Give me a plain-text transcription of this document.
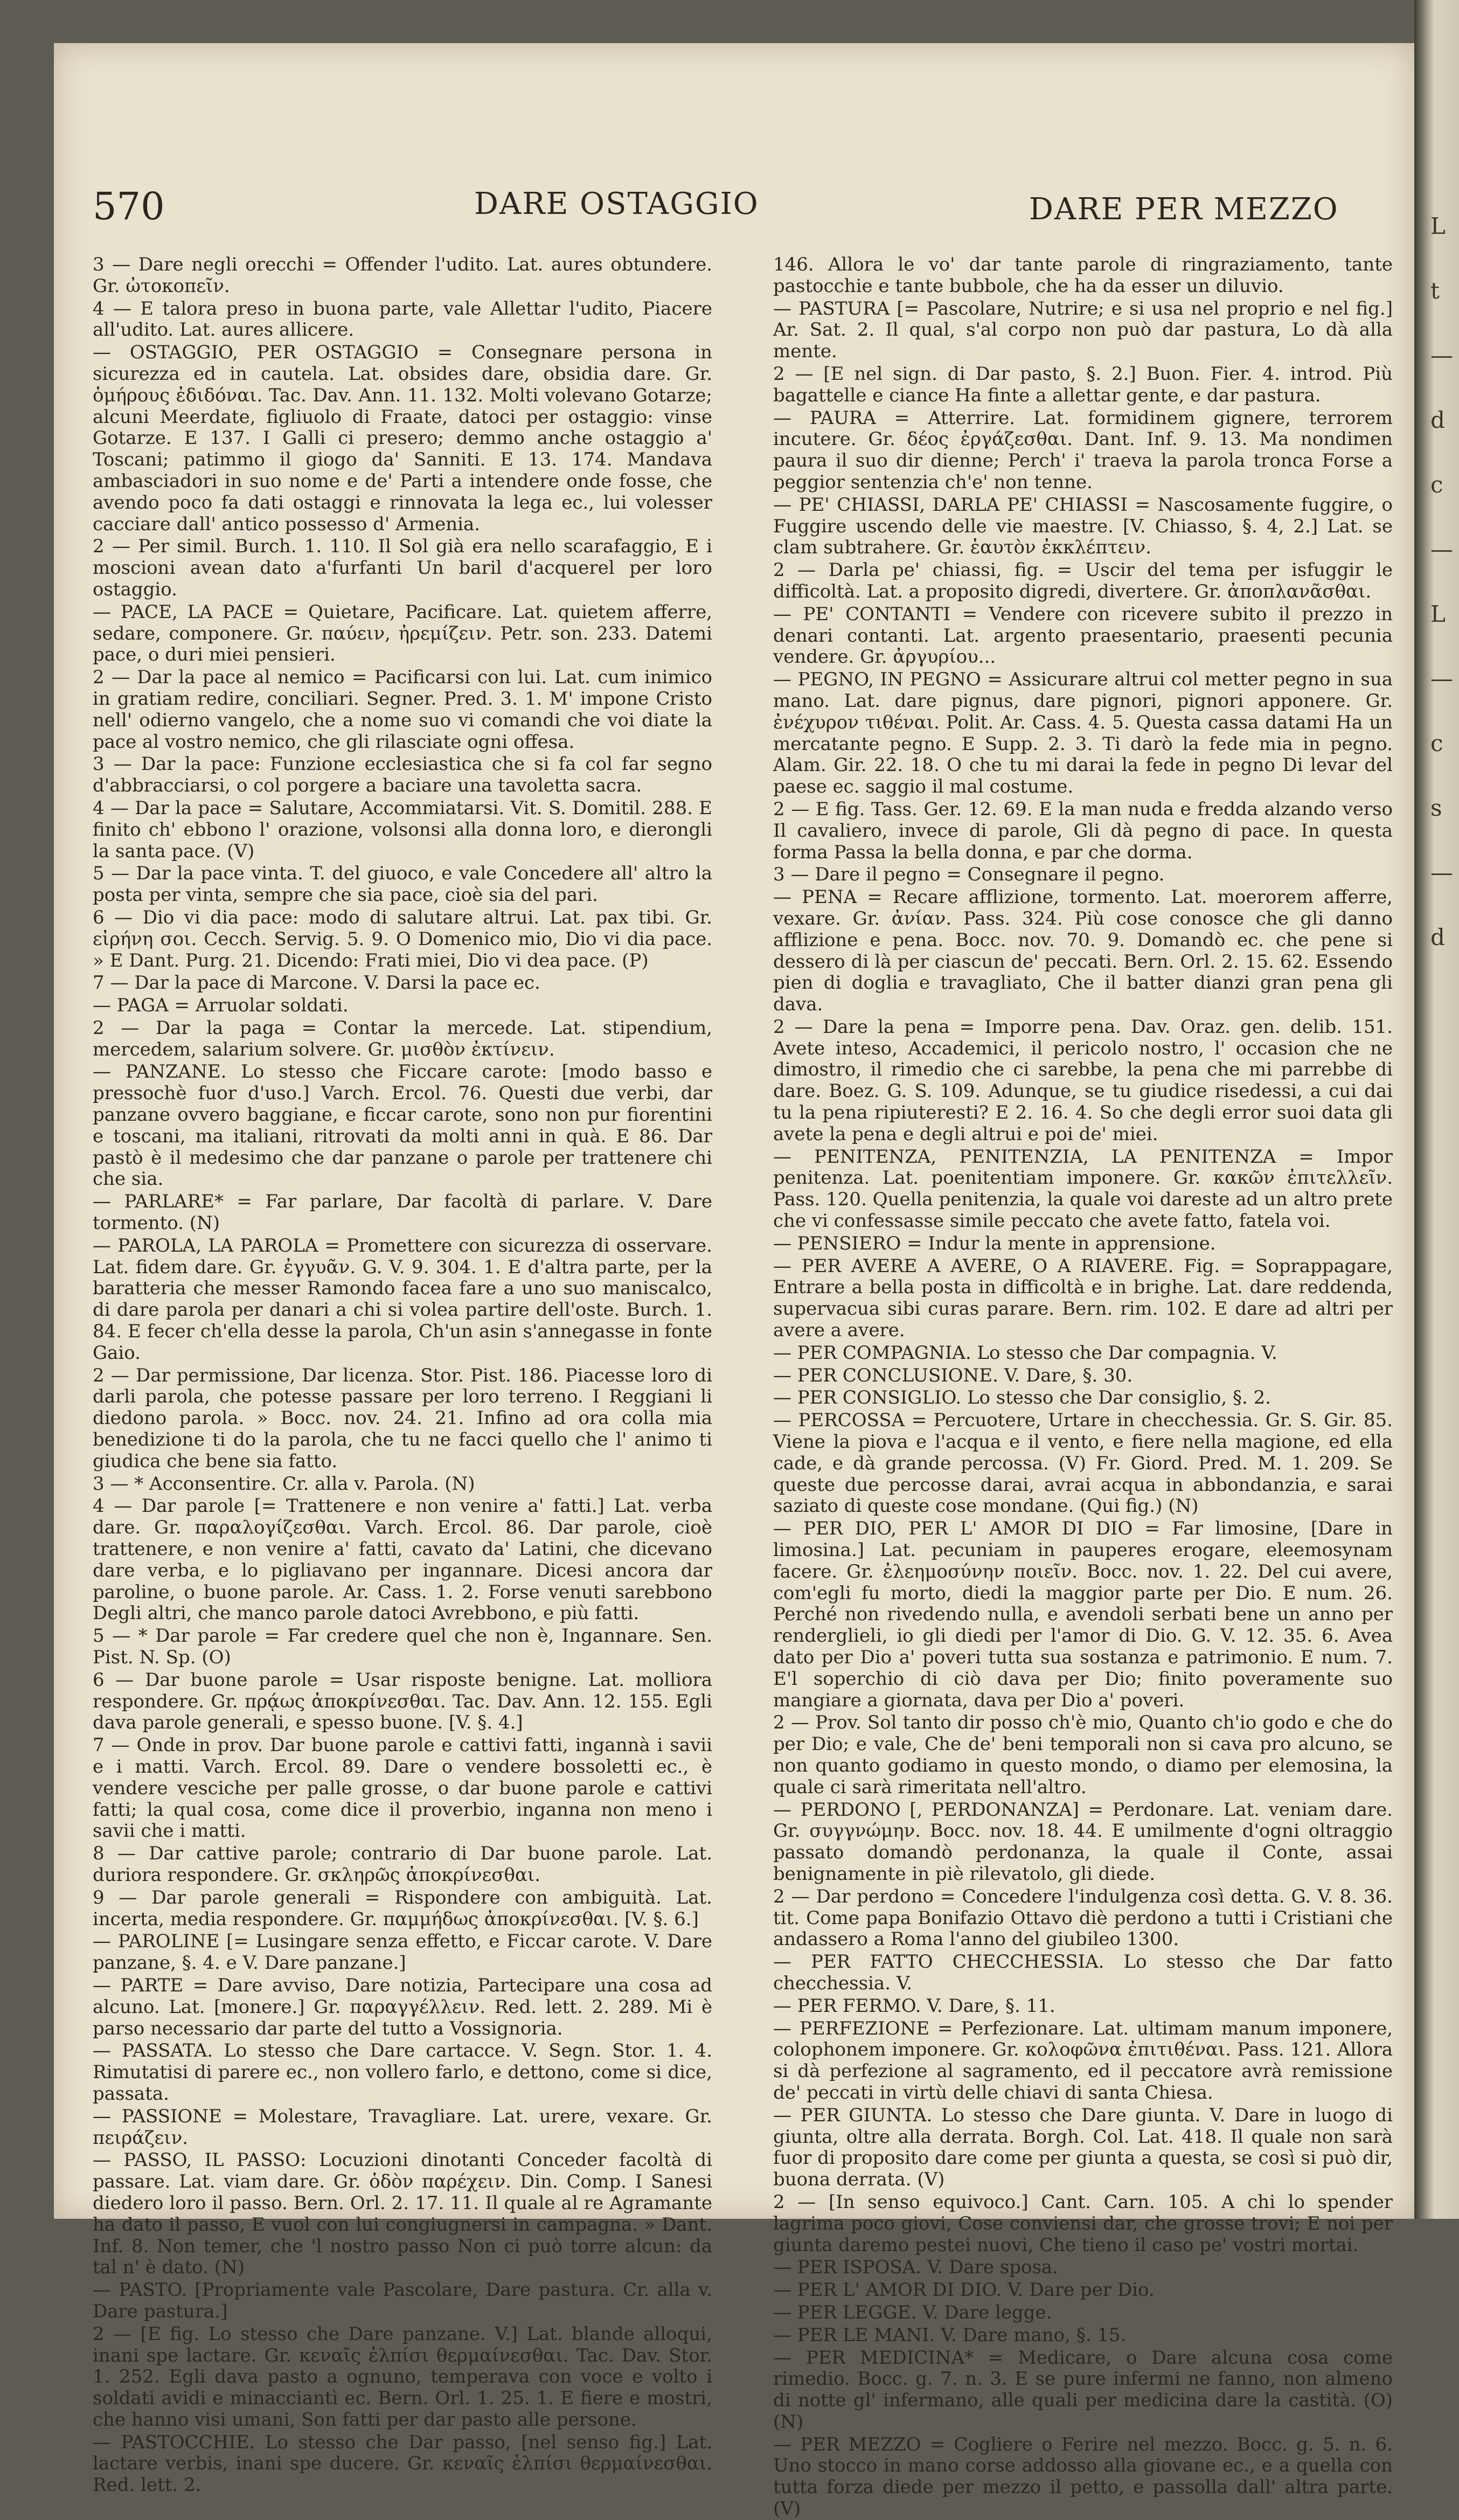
570	DARE OSTAGGIO	DARE PER MEZZO

3 — Dare negli orecchi = Offender l'udito. Lat. aures obtundere. Gr. ὠτοκοπεῖν.

4 — E talora preso in buona parte, vale Allettar l'udito, Piacere all'udito. Lat. aures allicere.

— OSTAGGIO, PER OSTAGGIO = Consegnare persona in sicurezza ed in cautela. Lat. obsides dare, obsidia dare. Gr. ὁμήρους ἐδιδόναι. Tac. Dav. Ann. 11. 132. Molti volevano Gotarze; alcuni Meerdate, figliuolo di Fraate, datoci per ostaggio: vinse Gotarze. E 137. I Galli ci presero; demmo anche ostaggio a' Toscani; patimmo il giogo da' Sanniti. E 13. 174. Mandava ambasciadori in suo nome e de' Parti a intendere onde fosse, che avendo poco fa dati ostaggi e rinnovata la lega ec., lui volesser cacciare dall' antico possesso d' Armenia.

2 — Per simil. Burch. 1. 110. Il Sol già era nello scarafaggio, E i moscioni avean dato a'furfanti Un baril d'acquerel per loro ostaggio.

— PACE, LA PACE = Quietare, Pacificare. Lat. quietem afferre, sedare, componere. Gr. παύειν, ἠρεμίζειν. Petr. son. 233. Datemi pace, o duri miei pensieri.

2 — Dar la pace al nemico = Pacificarsi con lui. Lat. cum inimico in gratiam redire, conciliari. Segner. Pred. 3. 1. M' impone Cristo nell' odierno vangelo, che a nome suo vi comandi che voi diate la pace al vostro nemico, che gli rilasciate ogni offesa.

3 — Dar la pace: Funzione ecclesiastica che si fa col far segno d'abbracciarsi, o col porgere a baciare una tavoletta sacra.

4 — Dar la pace = Salutare, Accommiatarsi. Vit. S. Domitil. 288. E finito ch' ebbono l' orazione, volsonsi alla donna loro, e dierongli la santa pace. (V)

5 — Dar la pace vinta. T. del giuoco, e vale Concedere all' altro la posta per vinta, sempre che sia pace, cioè sia del pari.

6 — Dio vi dia pace: modo di salutare altrui. Lat. pax tibi. Gr. εἰρήνη σοι. Cecch. Servig. 5. 9. O Domenico mio, Dio vi dia pace. » E Dant. Purg. 21. Dicendo: Frati miei, Dio vi dea pace. (P)

7 — Dar la pace di Marcone. V. Darsi la pace ec.

— PAGA = Arruolar soldati.

2 — Dar la paga = Contar la mercede. Lat. stipendium, mercedem, salarium solvere. Gr. μισθὸν ἐκτίνειν.

— PANZANE. Lo stesso che Ficcare carote: [modo basso e pressochè fuor d'uso.] Varch. Ercol. 76. Questi due verbi, dar panzane ovvero baggiane, e ficcar carote, sono non pur fiorentini e toscani, ma italiani, ritrovati da molti anni in quà. E 86. Dar pastò è il medesimo che dar panzane o parole per trattenere chi che sia.

— PARLARE* = Far parlare, Dar facoltà di parlare. V. Dare tormento. (N)

— PAROLA, LA PAROLA = Promettere con sicurezza di osservare. Lat. fidem dare. Gr. ἐγγυᾶν. G. V. 9. 304. 1. E d'altra parte, per la baratteria che messer Ramondo facea fare a uno suo maniscalco, di dare parola per danari a chi si volea partire dell'oste. Burch. 1. 84. E fecer ch'ella desse la parola, Ch'un asin s'annegasse in fonte Gaio.

2 — Dar permissione, Dar licenza. Stor. Pist. 186. Piacesse loro di darli parola, che potesse passare per loro terreno. I Reggiani li diedono parola. » Bocc. nov. 24. 21. Infino ad ora colla mia benedizione ti do la parola, che tu ne facci quello che l' animo ti giudica che bene sia fatto.

3 — * Acconsentire. Cr. alla v. Parola. (N)

4 — Dar parole [= Trattenere e non venire a' fatti.] Lat. verba dare. Gr. παραλογίζεσθαι. Varch. Ercol. 86. Dar parole, cioè trattenere, e non venire a' fatti, cavato da' Latini, che dicevano dare verba, e lo pigliavano per ingannare. Dicesi ancora dar paroline, o buone parole. Ar. Cass. 1. 2. Forse venuti sarebbono Degli altri, che manco parole datoci Avrebbono, e più fatti.

5 — * Dar parole = Far credere quel che non è, Ingannare. Sen. Pist. N. Sp. (O)

6 — Dar buone parole = Usar risposte benigne. Lat. molliora respondere. Gr. πρᾴως ἀποκρίνεσθαι. Tac. Dav. Ann. 12. 155. Egli dava parole generali, e spesso buone. [V. §. 4.]

7 — Onde in prov. Dar buone parole e cattivi fatti, ingannà i savii e i matti. Varch. Ercol. 89. Dare o vendere bossoletti ec., è vendere vesciche per palle grosse, o dar buone parole e cattivi fatti; la qual cosa, come dice il proverbio, inganna non meno i savii che i matti.

8 — Dar cattive parole; contrario di Dar buone parole. Lat. duriora respondere. Gr. σκληρῶς ἀποκρίνεσθαι.

9 — Dar parole generali = Rispondere con ambiguità. Lat. incerta, media respondere. Gr. παμμήδως ἀποκρίνεσθαι. [V. §. 6.]

— PAROLINE [= Lusingare senza effetto, e Ficcar carote. V. Dare panzane, §. 4. e V. Dare panzane.]

— PARTE = Dare avviso, Dare notizia, Partecipare una cosa ad alcuno. Lat. [monere.] Gr. παραγγέλλειν. Red. lett. 2. 289. Mi è parso necessario dar parte del tutto a Vossignoria.

— PASSATA. Lo stesso che Dare cartacce. V. Segn. Stor. 1. 4. Rimutatisi di parere ec., non vollero farlo, e dettono, come si dice, passata.

— PASSIONE = Molestare, Travagliare. Lat. urere, vexare. Gr. πειράζειν.

— PASSO, IL PASSO: Locuzioni dinotanti Conceder facoltà di passare. Lat. viam dare. Gr. ὁδὸν παρέχειν. Din. Comp. I Sanesi diedero loro il passo. Bern. Orl. 2. 17. 11. Il quale al re Agramante ha dato il passo, E vuol con lui congiugnersi in campagna. » Dant. Inf. 8. Non temer, che 'l nostro passo Non ci può torre alcun: da tal n' è dato. (N)

— PASTO. [Propriamente vale Pascolare, Dare pastura. Cr. alla v. Dare pastura.]

2 — [E fig. Lo stesso che Dare panzane. V.] Lat. blande alloqui, inani spe lactare. Gr. κεναῖς ἐλπίσι θερμαίνεσθαι. Tac. Dav. Stor. 1. 252. Egli dava pasto a ognuno, temperava con voce e volto i soldati avidi e minacciantì ec. Bern. Orl. 1. 25. 1. E fiere e mostri, che hanno visi umani, Son fatti per dar pasto alle persone.

— PASTOCCHIE. Lo stesso che Dar passo, [nel senso fig.] Lat. lactare verbis, inani spe ducere. Gr. κεναῖς ἐλπίσι θερμαίνεσθαι. Red. lett. 2.

146. Allora le vo' dar tante parole di ringraziamento, tante pastocchie e tante bubbole, che ha da esser un diluvio.

— PASTURA [= Pascolare, Nutrire; e si usa nel proprio e nel fig.] Ar. Sat. 2. Il qual, s'al corpo non può dar pastura, Lo dà alla mente.

2 — [E nel sign. di Dar pasto, §. 2.] Buon. Fier. 4. introd. Più bagattelle e ciance Ha finte a allettar gente, e dar pastura.

— PAURA = Atterrire. Lat. formidinem gignere, terrorem incutere. Gr. δέος ἐργάζεσθαι. Dant. Inf. 9. 13. Ma nondimen paura il suo dir dienne; Perch' i' traeva la parola tronca Forse a peggior sentenzia ch'e' non tenne.

— PE' CHIASSI, DARLA PE' CHIASSI = Nascosamente fuggire, o Fuggire uscendo delle vie maestre. [V. Chiasso, §. 4, 2.] Lat. se clam subtrahere. Gr. ἑαυτὸν ἐκκλέπτειν.

2 — Darla pe' chiassi, fig. = Uscir del tema per isfuggir le difficoltà. Lat. a proposito digredi, divertere. Gr. ἀποπλανᾶσθαι.

— PE' CONTANTI = Vendere con ricevere subito il prezzo in denari contanti. Lat. argento praesentario, praesenti pecunia vendere. Gr. ἀργυρίου...

— PEGNO, IN PEGNO = Assicurare altrui col metter pegno in sua mano. Lat. dare pignus, dare pignori, pignori apponere. Gr. ἐνέχυρον τιθέναι. Polit. Ar. Cass. 4. 5. Questa cassa datami Ha un mercatante pegno. E Supp. 2. 3. Ti darò la fede mia in pegno. Alam. Gir. 22. 18. O che tu mi darai la fede in pegno Di levar del paese ec. saggio il mal costume.

2 — E fig. Tass. Ger. 12. 69. E la man nuda e fredda alzando verso Il cavaliero, invece di parole, Gli dà pegno di pace. In questa forma Passa la bella donna, e par che dorma.

3 — Dare il pegno = Consegnare il pegno.

— PENA = Recare afflizione, tormento. Lat. moerorem afferre, vexare. Gr. ἀνίαν. Pass. 324. Più cose conosce che gli danno afflizione e pena. Bocc. nov. 70. 9. Domandò ec. che pene si dessero di là per ciascun de' peccati. Bern. Orl. 2. 15. 62. Essendo pien di doglia e travagliato, Che il batter dianzi gran pena gli dava.

2 — Dare la pena = Imporre pena. Dav. Oraz. gen. delib. 151. Avete inteso, Accademici, il pericolo nostro, l' occasion che ne dimostro, il rimedio che ci sarebbe, la pena che mi parrebbe di dare. Boez. G. S. 109. Adunque, se tu giudice risedessi, a cui dai tu la pena ripiuteresti? E 2. 16. 4. So che degli error suoi data gli avete la pena e degli altrui e poi de' miei.

— PENITENZA, PENITENZIA, LA PENITENZA = Impor penitenza. Lat. poenitentiam imponere. Gr. κακῶν ἐπιτελλεῖν. Pass. 120. Quella penitenzia, la quale voi dareste ad un altro prete che vi confessasse simile peccato che avete fatto, fatela voi.

— PENSIERO = Indur la mente in apprensione.

— PER AVERE A AVERE, O A RIAVERE. Fig. = Soprappagare, Entrare a bella posta in difficoltà e in brighe. Lat. dare reddenda, supervacua sibi curas parare. Bern. rim. 102. E dare ad altri per avere a avere.

— PER COMPAGNIA. Lo stesso che Dar compagnia. V.

— PER CONCLUSIONE. V. Dare, §. 30.

— PER CONSIGLIO. Lo stesso che Dar consiglio, §. 2.

— PERCOSSA = Percuotere, Urtare in checchessia. Gr. S. Gir. 85. Viene la piova e l'acqua e il vento, e fiere nella magione, ed ella cade, e dà grande percossa. (V) Fr. Giord. Pred. M. 1. 209. Se queste due percosse darai, avrai acqua in abbondanzia, e sarai saziato di queste cose mondane. (Qui fig.) (N)

— PER DIO, PER L' AMOR DI DIO = Far limosine, [Dare in limosina.] Lat. pecuniam in pauperes erogare, eleemosynam facere. Gr. ἐλεημοσύνην ποιεῖν. Bocc. nov. 1. 22. Del cui avere, com'egli fu morto, diedi la maggior parte per Dio. E num. 26. Perché non rivedendo nulla, e avendoli serbati bene un anno per renderglieli, io gli diedi per l'amor di Dio. G. V. 12. 35. 6. Avea dato per Dio a' poveri tutta sua sostanza e patrimonio. E num. 7. E'l soperchio di ciò dava per Dio; finito poveramente suo mangiare a giornata, dava per Dio a' poveri.

2 — Prov. Sol tanto dir posso ch'è mio, Quanto ch'io godo e che do per Dio; e vale, Che de' beni temporali non si cava pro alcuno, se non quanto godiamo in questo mondo, o diamo per elemosina, la quale ci sarà rimeritata nell'altro.

— PERDONO [, PERDONANZA] = Perdonare. Lat. veniam dare. Gr. συγγνώμην. Bocc. nov. 18. 44. E umilmente d'ogni oltraggio passato domandò perdonanza, la quale il Conte, assai benignamente in piè rilevatolo, gli diede.

2 — Dar perdono = Concedere l'indulgenza così detta. G. V. 8. 36. tit. Come papa Bonifazio Ottavo diè perdono a tutti i Cristiani che andassero a Roma l'anno del giubileo 1300.

— PER FATTO CHECCHESSIA. Lo stesso che Dar fatto checchessia. V.

— PER FERMO. V. Dare, §. 11.

— PERFEZIONE = Perfezionare. Lat. ultimam manum imponere, colophonem imponere. Gr. κολοφῶνα ἐπιτιθέναι. Pass. 121. Allora si dà perfezione al sagramento, ed il peccatore avrà remissione de' peccati in virtù delle chiavi di santa Chiesa.

— PER GIUNTA. Lo stesso che Dare giunta. V. Dare in luogo di giunta, oltre alla derrata. Borgh. Col. Lat. 418. Il quale non sarà fuor di proposito dare come per giunta a questa, se così si può dir, buona derrata. (V)

2 — [In senso equivoco.] Cant. Carn. 105. A chi lo spender lagrima poco giovi, Cose conviensi dar, che grosse trovi; E noi per giunta daremo pestei nuovi, Che tieno il caso pe' vostri mortai.

— PER ISPOSA. V. Dare sposa.

— PER L' AMOR DI DIO. V. Dare per Dio.

— PER LEGGE. V. Dare legge.

— PER LE MANI. V. Dare mano, §. 15.

— PER MEDICINA* = Medicare, o Dare alcuna cosa come rimedio. Bocc. g. 7. n. 3. E se pure infermi ne fanno, non almeno di notte gl' infermano, alle quali per medicina dare la castità. (O) (N)

— PER MEZZO = Cogliere o Ferire nel mezzo. Bocc. g. 5. n. 6. Uno stocco in mano corse addosso alla giovane ec., e a quella con tutta forza diede per mezzo il petto, e passolla dall' altra parte. (V)

L
t
—
d
c
—
L
—
c
s
—
d
